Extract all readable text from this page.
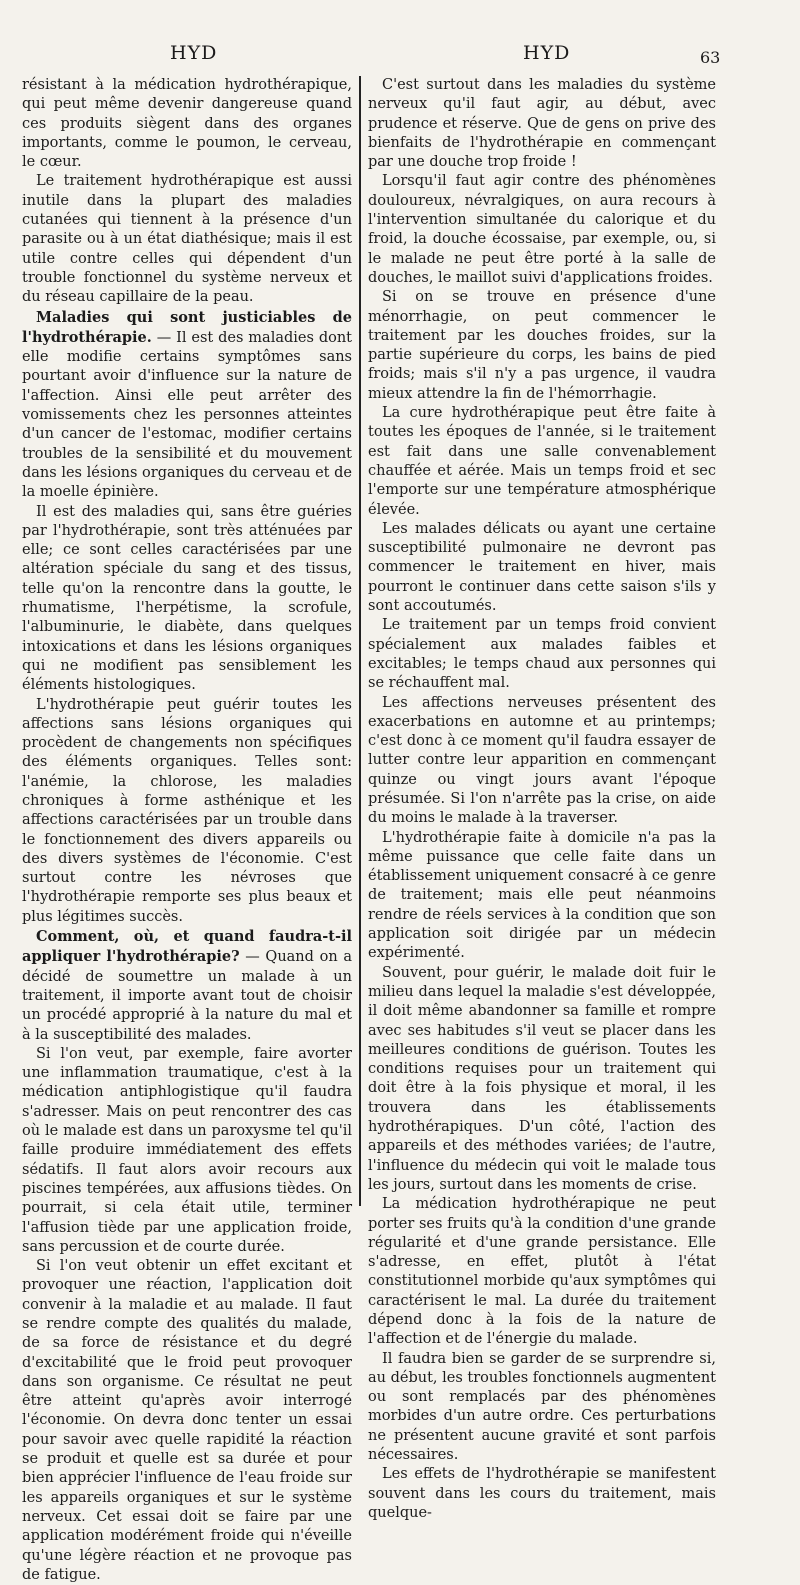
HYD	HYD	63

résistant à la médication hydrothérapique, qui peut même devenir dangereuse quand ces produits siègent dans des organes importants, comme le poumon, le cerveau, le cœur.

Le traitement hydrothérapique est aussi inutile dans la plupart des maladies cutanées qui tiennent à la présence d'un parasite ou à un état diathésique; mais il est utile contre celles qui dépendent d'un trouble fonctionnel du système nerveux et du réseau capillaire de la peau.

Maladies qui sont justiciables de l'hydrothérapie. — Il est des maladies dont elle modifie certains symptômes sans pourtant avoir d'influence sur la nature de l'affection. Ainsi elle peut arrêter des vomissements chez les personnes atteintes d'un cancer de l'estomac, modifier certains troubles de la sensibilité et du mouvement dans les lésions organiques du cerveau et de la moelle épinière.

Il est des maladies qui, sans être guéries par l'hydrothérapie, sont très atténuées par elle; ce sont celles caractérisées par une altération spéciale du sang et des tissus, telle qu'on la rencontre dans la goutte, le rhumatisme, l'herpétisme, la scrofule, l'albuminurie, le diabète, dans quelques intoxications et dans les lésions organiques qui ne modifient pas sensiblement les éléments histologiques.

L'hydrothérapie peut guérir toutes les affections sans lésions organiques qui procèdent de changements non spécifiques des éléments organiques. Telles sont: l'anémie, la chlorose, les maladies chroniques à forme asthénique et les affections caractérisées par un trouble dans le fonctionnement des divers appareils ou des divers systèmes de l'économie. C'est surtout contre les névroses que l'hydrothérapie remporte ses plus beaux et plus légitimes succès.

Comment, où, et quand faudra-t-il appliquer l'hydrothérapie? — Quand on a décidé de soumettre un malade à un traitement, il importe avant tout de choisir un procédé approprié à la nature du mal et à la susceptibilité des malades.

Si l'on veut, par exemple, faire avorter une inflammation traumatique, c'est à la médication antiphlogistique qu'il faudra s'adresser. Mais on peut rencontrer des cas où le malade est dans un paroxysme tel qu'il faille produire immédiatement des effets sédatifs. Il faut alors avoir recours aux piscines tempérées, aux affusions tièdes. On pourrait, si cela était utile, terminer l'affusion tiède par une application froide, sans percussion et de courte durée.

Si l'on veut obtenir un effet excitant et provoquer une réaction, l'application doit convenir à la maladie et au malade. Il faut se rendre compte des qualités du malade, de sa force de résistance et du degré d'excitabilité que le froid peut provoquer dans son organisme. Ce résultat ne peut être atteint qu'après avoir interrogé l'économie. On devra donc tenter un essai pour savoir avec quelle rapidité la réaction se produit et quelle est sa durée et pour bien apprécier l'influence de l'eau froide sur les appareils organiques et sur le système nerveux. Cet essai doit se faire par une application modérément froide qui n'éveille qu'une légère réaction et ne provoque pas de fatigue.

C'est surtout dans les maladies du système nerveux qu'il faut agir, au début, avec prudence et réserve. Que de gens on prive des bienfaits de l'hydrothérapie en commençant par une douche trop froide !

Lorsqu'il faut agir contre des phénomènes douloureux, névralgiques, on aura recours à l'intervention simultanée du calorique et du froid, la douche écossaise, par exemple, ou, si le malade ne peut être porté à la salle de douches, le maillot suivi d'applications froides.

Si on se trouve en présence d'une ménorrhagie, on peut commencer le traitement par les douches froides, sur la partie supérieure du corps, les bains de pied froids; mais s'il n'y a pas urgence, il vaudra mieux attendre la fin de l'hémorrhagie.

La cure hydrothérapique peut être faite à toutes les époques de l'année, si le traitement est fait dans une salle convenablement chauffée et aérée. Mais un temps froid et sec l'emporte sur une température atmosphérique élevée.

Les malades délicats ou ayant une certaine susceptibilité pulmonaire ne devront pas commencer le traitement en hiver, mais pourront le continuer dans cette saison s'ils y sont accoutumés.

Le traitement par un temps froid convient spécialement aux malades faibles et excitables; le temps chaud aux personnes qui se réchauffent mal.

Les affections nerveuses présentent des exacerbations en automne et au printemps; c'est donc à ce moment qu'il faudra essayer de lutter contre leur apparition en commençant quinze ou vingt jours avant l'époque présumée. Si l'on n'arrête pas la crise, on aide du moins le malade à la traverser.

L'hydrothérapie faite à domicile n'a pas la même puissance que celle faite dans un établissement uniquement consacré à ce genre de traitement; mais elle peut néanmoins rendre de réels services à la condition que son application soit dirigée par un médecin expérimenté.

Souvent, pour guérir, le malade doit fuir le milieu dans lequel la maladie s'est développée, il doit même abandonner sa famille et rompre avec ses habitudes s'il veut se placer dans les meilleures conditions de guérison. Toutes les conditions requises pour un traitement qui doit être à la fois physique et moral, il les trouvera dans les établissements hydrothérapiques. D'un côté, l'action des appareils et des méthodes variées; de l'autre, l'influence du médecin qui voit le malade tous les jours, surtout dans les moments de crise.

La médication hydrothérapique ne peut porter ses fruits qu'à la condition d'une grande régularité et d'une grande persistance. Elle s'adresse, en effet, plutôt à l'état constitutionnel morbide qu'aux symptômes qui caractérisent le mal. La durée du traitement dépend donc à la fois de la nature de l'affection et de l'énergie du malade.

Il faudra bien se garder de se surprendre si, au début, les troubles fonctionnels augmentent ou sont remplacés par des phénomènes morbides d'un autre ordre. Ces perturbations ne présentent aucune gravité et sont parfois nécessaires.

Les effets de l'hydrothérapie se manifestent souvent dans les cours du traitement, mais quelque-
